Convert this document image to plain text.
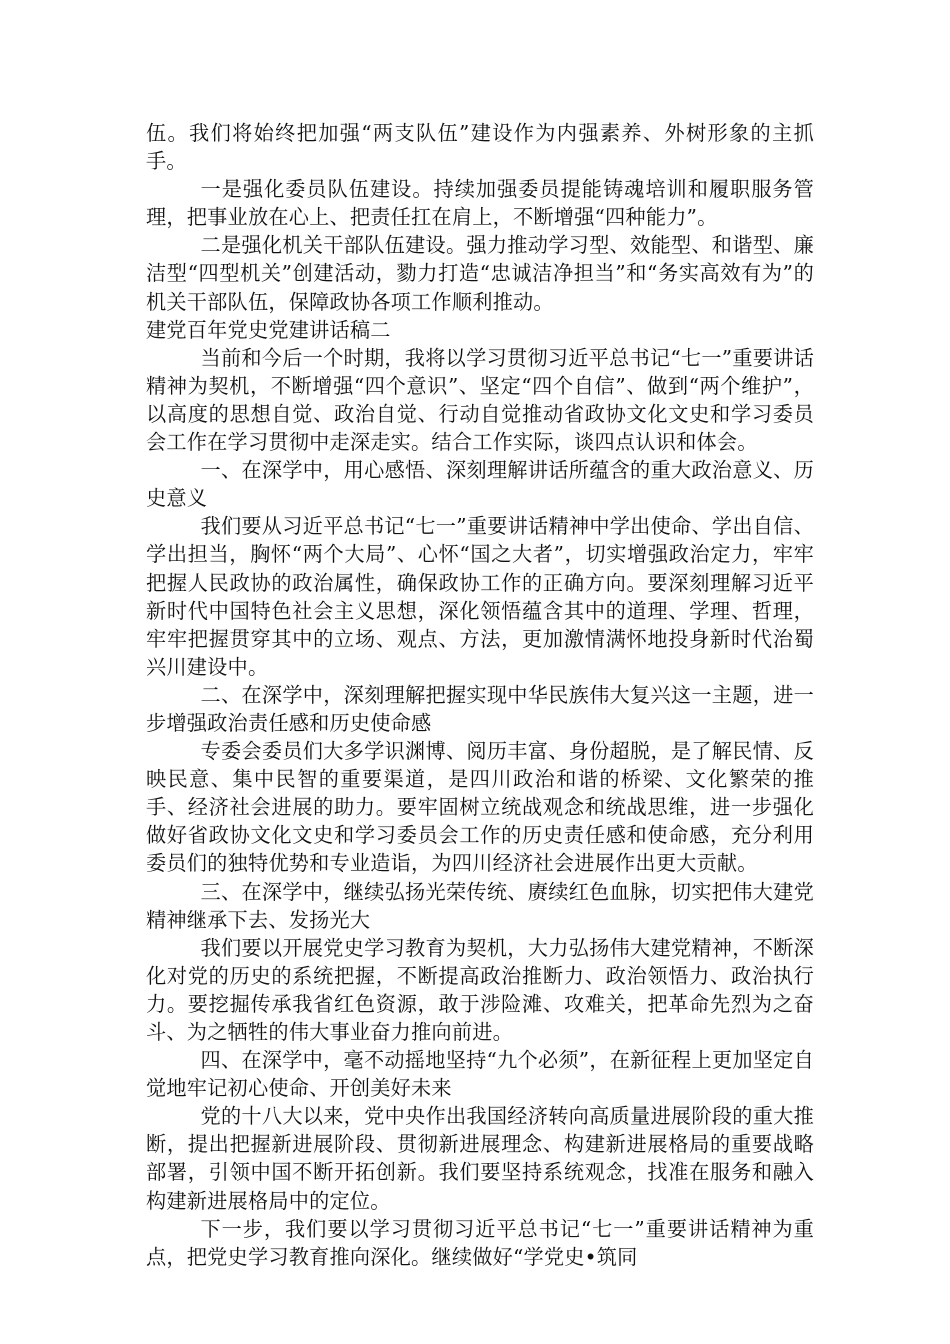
伍。我们将始终把加强“两支队伍”建设作为内强素养、外树形象的主抓手。

一是强化委员队伍建设。持续加强委员提能铸魂培训和履职服务管理，把事业放在心上、把责任扛在肩上，不断增强“四种能力”。

二是强化机关干部队伍建设。强力推动学习型、效能型、和谐型、廉洁型“四型机关”创建活动，勠力打造“忠诚洁净担当”和“务实高效有为”的机关干部队伍，保障政协各项工作顺利推动。

建党百年党史党建讲话稿二

当前和今后一个时期，我将以学习贯彻习近平总书记“七一”重要讲话精神为契机，不断增强“四个意识”、坚定“四个自信”、做到“两个维护”，以高度的思想自觉、政治自觉、行动自觉推动省政协文化文史和学习委员会工作在学习贯彻中走深走实。结合工作实际，谈四点认识和体会。

一、在深学中，用心感悟、深刻理解讲话所蕴含的重大政治意义、历史意义

我们要从习近平总书记“七一”重要讲话精神中学出使命、学出自信、学出担当，胸怀“两个大局”、心怀“国之大者”，切实增强政治定力，牢牢把握人民政协的政治属性，确保政协工作的正确方向。要深刻理解习近平新时代中国特色社会主义思想，深化领悟蕴含其中的道理、学理、哲理，牢牢把握贯穿其中的立场、观点、方法，更加激情满怀地投身新时代治蜀兴川建设中。

二、在深学中，深刻理解把握实现中华民族伟大复兴这一主题，进一步增强政治责任感和历史使命感

专委会委员们大多学识渊博、阅历丰富、身份超脱，是了解民情、反映民意、集中民智的重要渠道，是四川政治和谐的桥梁、文化繁荣的推手、经济社会进展的助力。要牢固树立统战观念和统战思维，进一步强化做好省政协文化文史和学习委员会工作的历史责任感和使命感，充分利用委员们的独特优势和专业造诣，为四川经济社会进展作出更大贡献。

三、在深学中，继续弘扬光荣传统、赓续红色血脉，切实把伟大建党精神继承下去、发扬光大

我们要以开展党史学习教育为契机，大力弘扬伟大建党精神，不断深化对党的历史的系统把握，不断提高政治推断力、政治领悟力、政治执行力。要挖掘传承我省红色资源，敢于涉险滩、攻难关，把革命先烈为之奋斗、为之牺牲的伟大事业奋力推向前进。

四、在深学中，毫不动摇地坚持“九个必须”，在新征程上更加坚定自觉地牢记初心使命、开创美好未来

党的十八大以来，党中央作出我国经济转向高质量进展阶段的重大推断，提出把握新进展阶段、贯彻新进展理念、构建新进展格局的重要战略部署，引领中国不断开拓创新。我们要坚持系统观念，找准在服务和融入构建新进展格局中的定位。

下一步，我们要以学习贯彻习近平总书记“七一”重要讲话精神为重点，把党史学习教育推向深化。继续做好“学党史•筑同
